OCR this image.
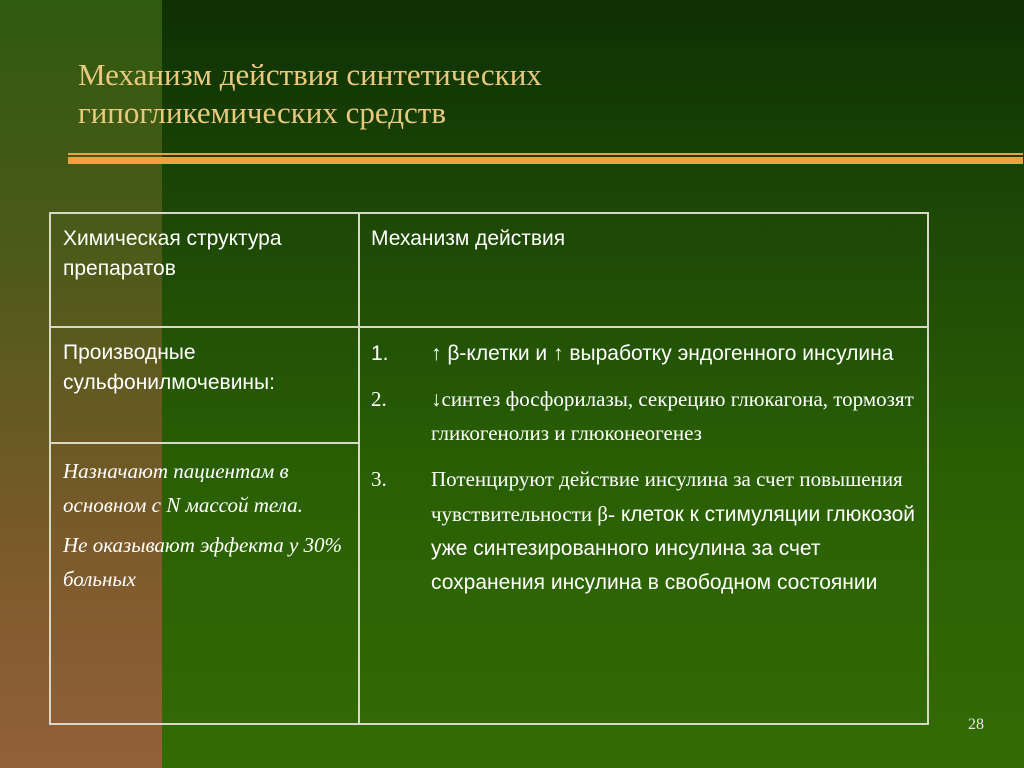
Механизм действия синтетических
гипогликемических средств
Химическая структура препаратов
Механизм действия
Производные сульфонилмочевины:

Назначают пациентам в основном с N массой тела.

Не оказывают эффекта у 30% больных

1. ↑ β-клетки и ↑ выработку эндогенного инсулина
2. ↓синтез фосфорилазы, секрецию глюкагона, тормозят гликогенолиз и глюконеогенез
3. Потенцируют действие инсулина за счет повышения чувствительности β- клеток к стимуляции глюкозой уже синтезированного инсулина за счет сохранения инсулина в свободном состоянии
28
